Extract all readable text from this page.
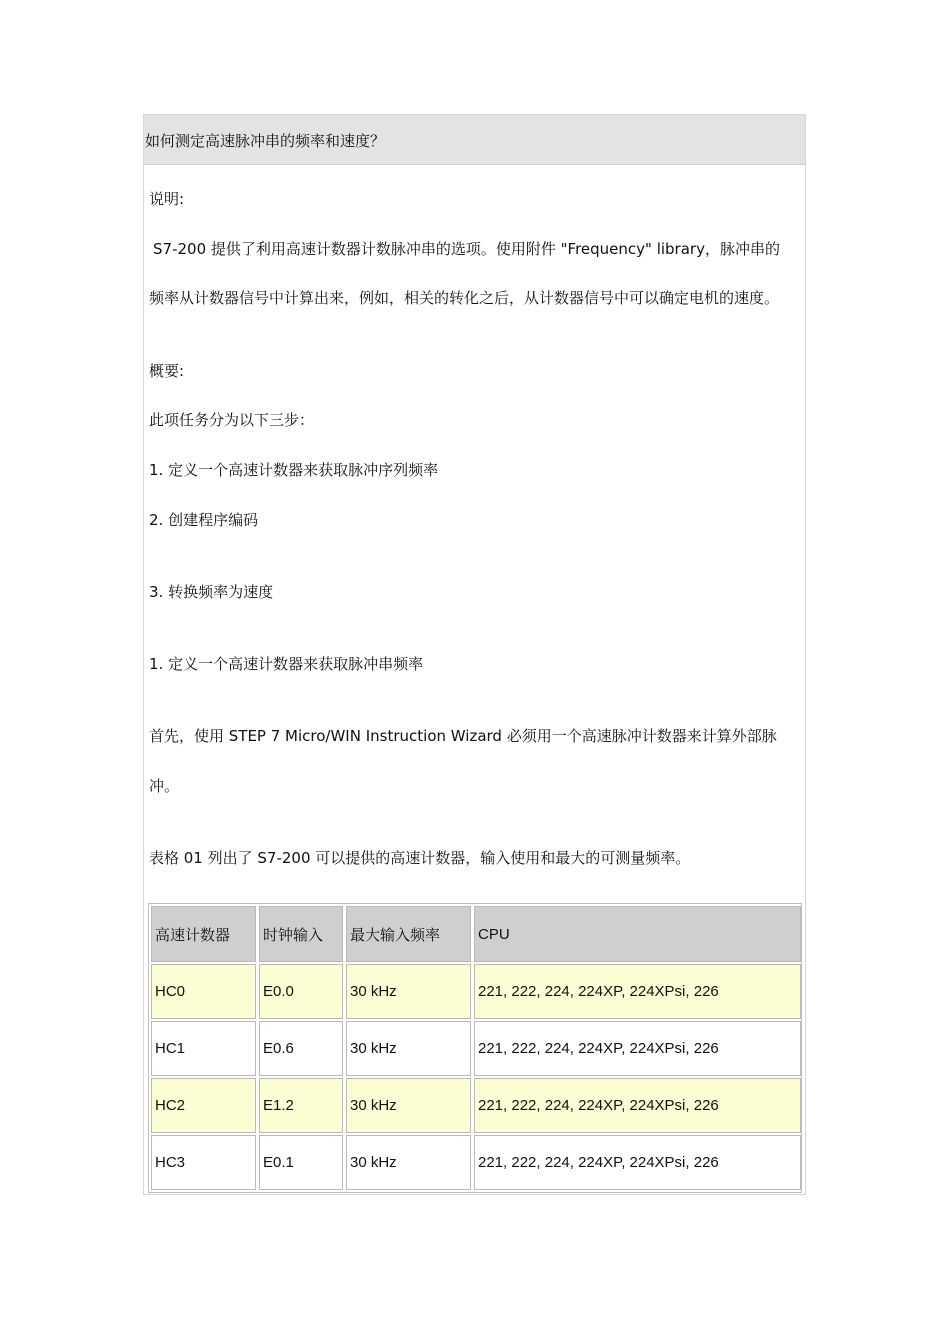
如何测定高速脉冲串的频率和速度？
说明:
S7-200 提供了利用高速计数器计数脉冲串的选项。使用附件 "Frequency" library，脉冲串的
频率从计数器信号中计算出来，例如，相关的转化之后，从计数器信号中可以确定电机的速度。
概要:
此项任务分为以下三步：
1. 定义一个高速计数器来获取脉冲序列频率
2. 创建程序编码
3. 转换频率为速度
1. 定义一个高速计数器来获取脉冲串频率
首先，使用 STEP 7 Micro/WIN Instruction Wizard 必须用一个高速脉冲计数器来计算外部脉
冲。
表格 01 列出了 S7-200 可以提供的高速计数器，输入使用和最大的可测量频率。
高速计数器	时钟输入	最大输入频率	CPU
HC0	E0.0	30 kHz	221, 222, 224, 224XP, 224XPsi, 226
HC1	E0.6	30 kHz	221, 222, 224, 224XP, 224XPsi, 226
HC2	E1.2	30 kHz	221, 222, 224, 224XP, 224XPsi, 226
HC3	E0.1	30 kHz	221, 222, 224, 224XP, 224XPsi, 226
